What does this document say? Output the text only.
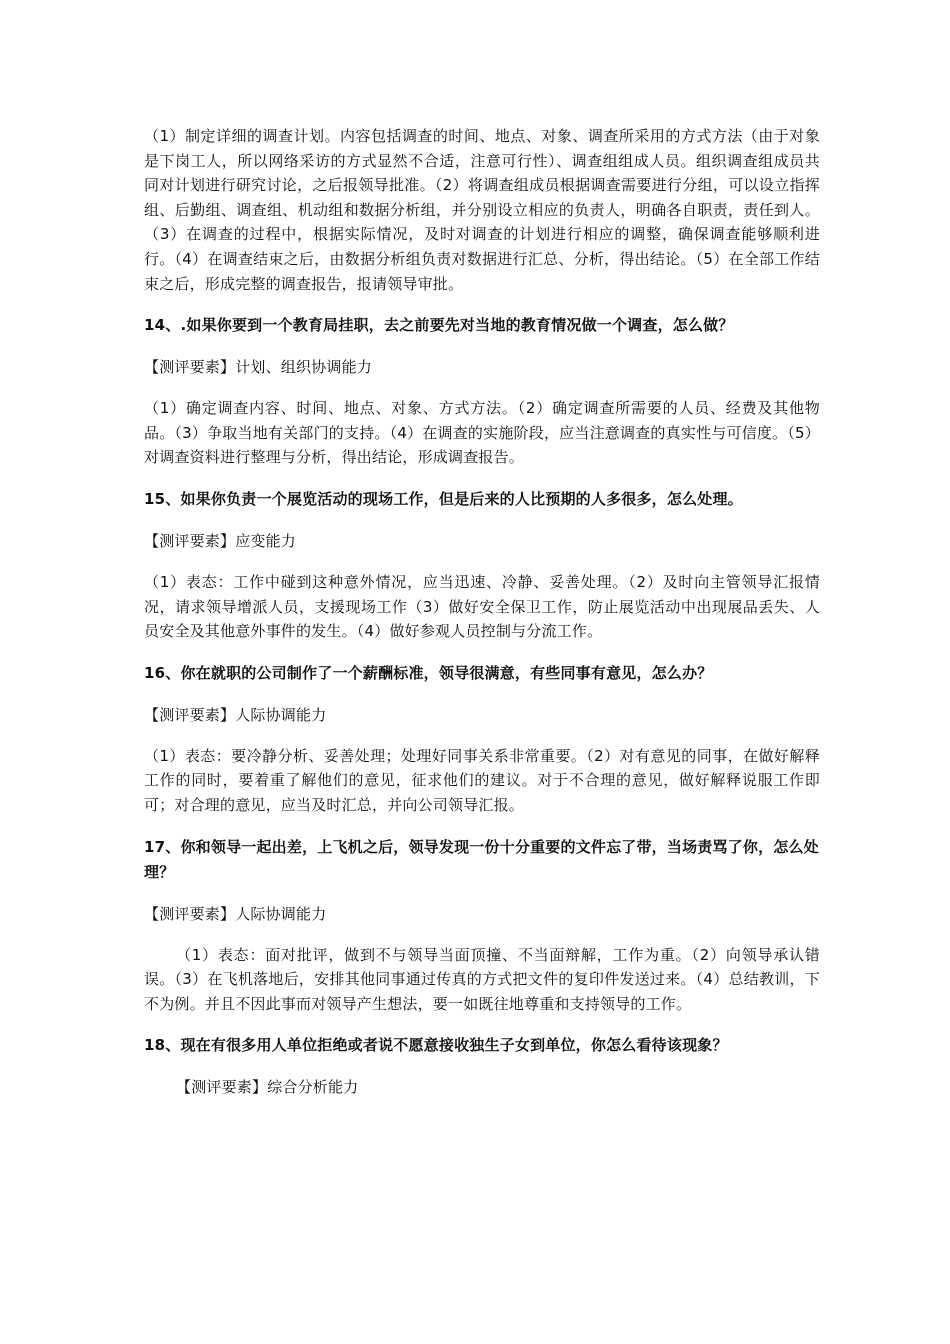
（1）制定详细的调查计划。内容包括调查的时间、地点、对象、调查所采用的方式方法（由于对象是下岗工人，所以网络采访的方式显然不合适，注意可行性）、调查组组成人员。组织调查组成员共同对计划进行研究讨论，之后报领导批准。（2）将调查组成员根据调查需要进行分组，可以设立指挥组、后勤组、调查组、机动组和数据分析组，并分别设立相应的负责人，明确各自职责，责任到人。（3）在调查的过程中，根据实际情况，及时对调查的计划进行相应的调整，确保调查能够顺利进行。（4）在调查结束之后，由数据分析组负责对数据进行汇总、分析，得出结论。（5）在全部工作结束之后，形成完整的调查报告，报请领导审批。

14、.如果你要到一个教育局挂职，去之前要先对当地的教育情况做一个调查，怎么做？

【测评要素】计划、组织协调能力

（1）确定调查内容、时间、地点、对象、方式方法。（2）确定调查所需要的人员、经费及其他物品。（3）争取当地有关部门的支持。（4）在调查的实施阶段，应当注意调查的真实性与可信度。（5）对调查资料进行整理与分析，得出结论，形成调查报告。

15、如果你负责一个展览活动的现场工作，但是后来的人比预期的人多很多，怎么处理。

【测评要素】应变能力

（1）表态：工作中碰到这种意外情况，应当迅速、冷静、妥善处理。（2）及时向主管领导汇报情况，请求领导增派人员，支援现场工作（3）做好安全保卫工作，防止展览活动中出现展品丢失、人员安全及其他意外事件的发生。（4）做好参观人员控制与分流工作。

16、你在就职的公司制作了一个薪酬标准，领导很满意，有些同事有意见，怎么办？

【测评要素】人际协调能力

（1）表态：要冷静分析、妥善处理；处理好同事关系非常重要。（2）对有意见的同事，在做好解释工作的同时，要着重了解他们的意见，征求他们的建议。对于不合理的意见，做好解释说服工作即可；对合理的意见，应当及时汇总，并向公司领导汇报。

17、你和领导一起出差，上飞机之后，领导发现一份十分重要的文件忘了带，当场责骂了你，怎么处理？

【测评要素】人际协调能力

（1）表态：面对批评，做到不与领导当面顶撞、不当面辩解，工作为重。（2）向领导承认错误。（3）在飞机落地后，安排其他同事通过传真的方式把文件的复印件发送过来。（4）总结教训，下不为例。并且不因此事而对领导产生想法，要一如既往地尊重和支持领导的工作。

18、现在有很多用人单位拒绝或者说不愿意接收独生子女到单位，你怎么看待该现象？

【测评要素】综合分析能力
